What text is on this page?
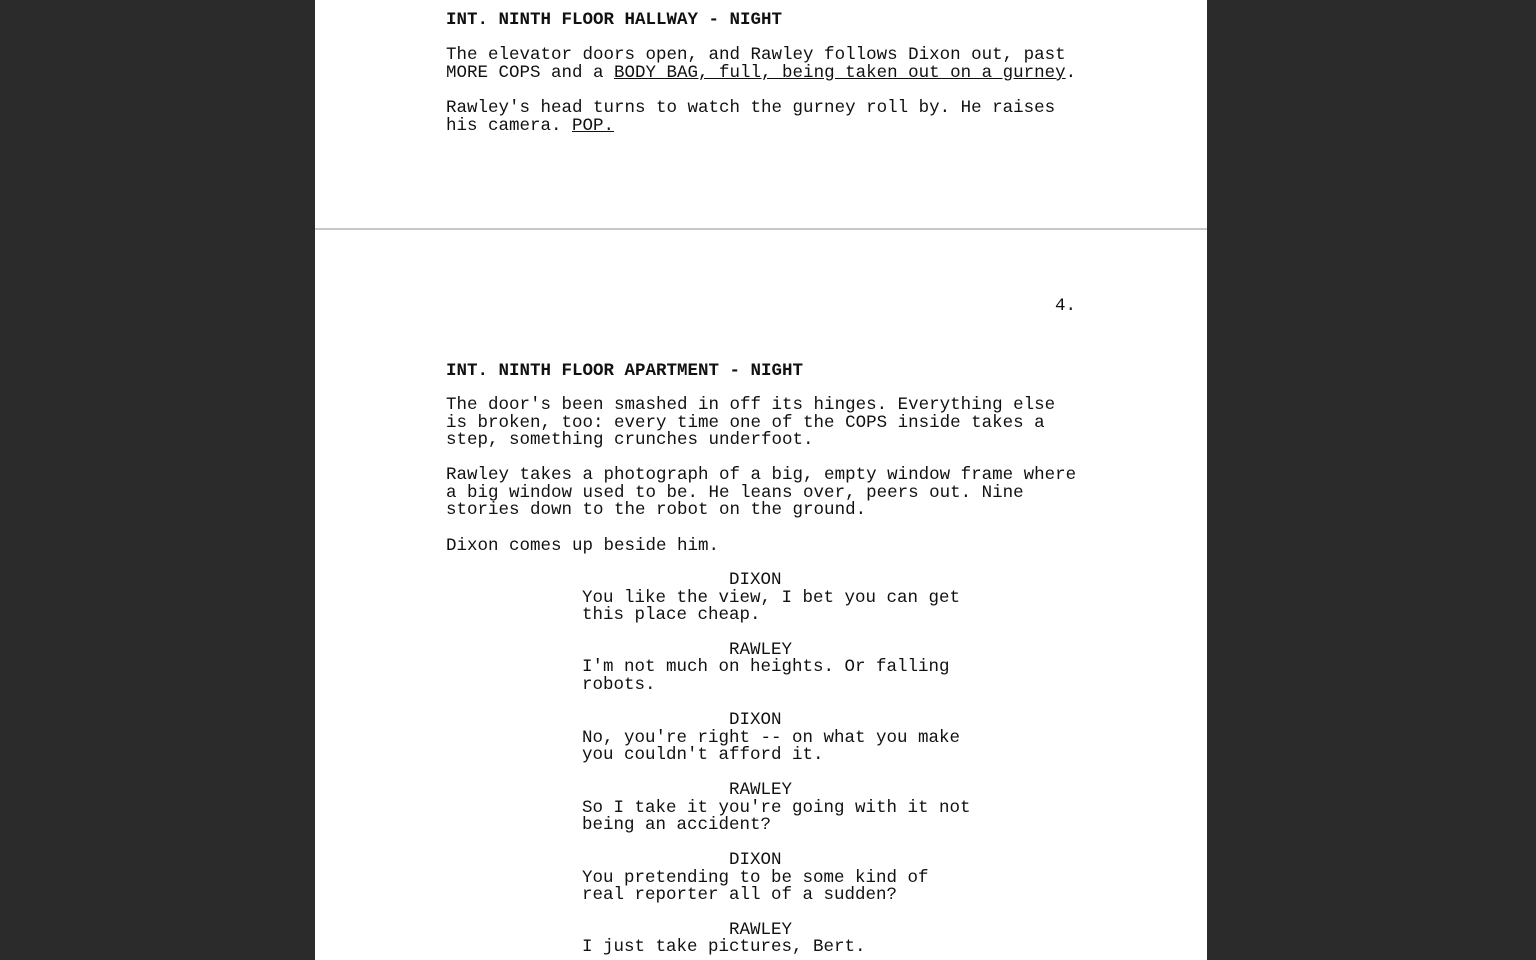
INT. NINTH FLOOR HALLWAY - NIGHT

The elevator doors open, and Rawley follows Dixon out, past

MORE COPS and a BODY BAG, full, being taken out on a gurney.

Rawley's head turns to watch the gurney roll by. He raises

his camera. POP.

4.

INT. NINTH FLOOR APARTMENT - NIGHT

The door's been smashed in off its hinges. Everything else

is broken, too: every time one of the COPS inside takes a

step, something crunches underfoot.

Rawley takes a photograph of a big, empty window frame where

a big window used to be. He leans over, peers out. Nine

stories down to the robot on the ground.

Dixon comes up beside him.

DIXON

You like the view, I bet you can get

this place cheap.

RAWLEY

I'm not much on heights. Or falling

robots.

DIXON

No, you're right -- on what you make

you couldn't afford it.

RAWLEY

So I take it you're going with it not

being an accident?

DIXON

You pretending to be some kind of

real reporter all of a sudden?

RAWLEY

I just take pictures, Bert.
